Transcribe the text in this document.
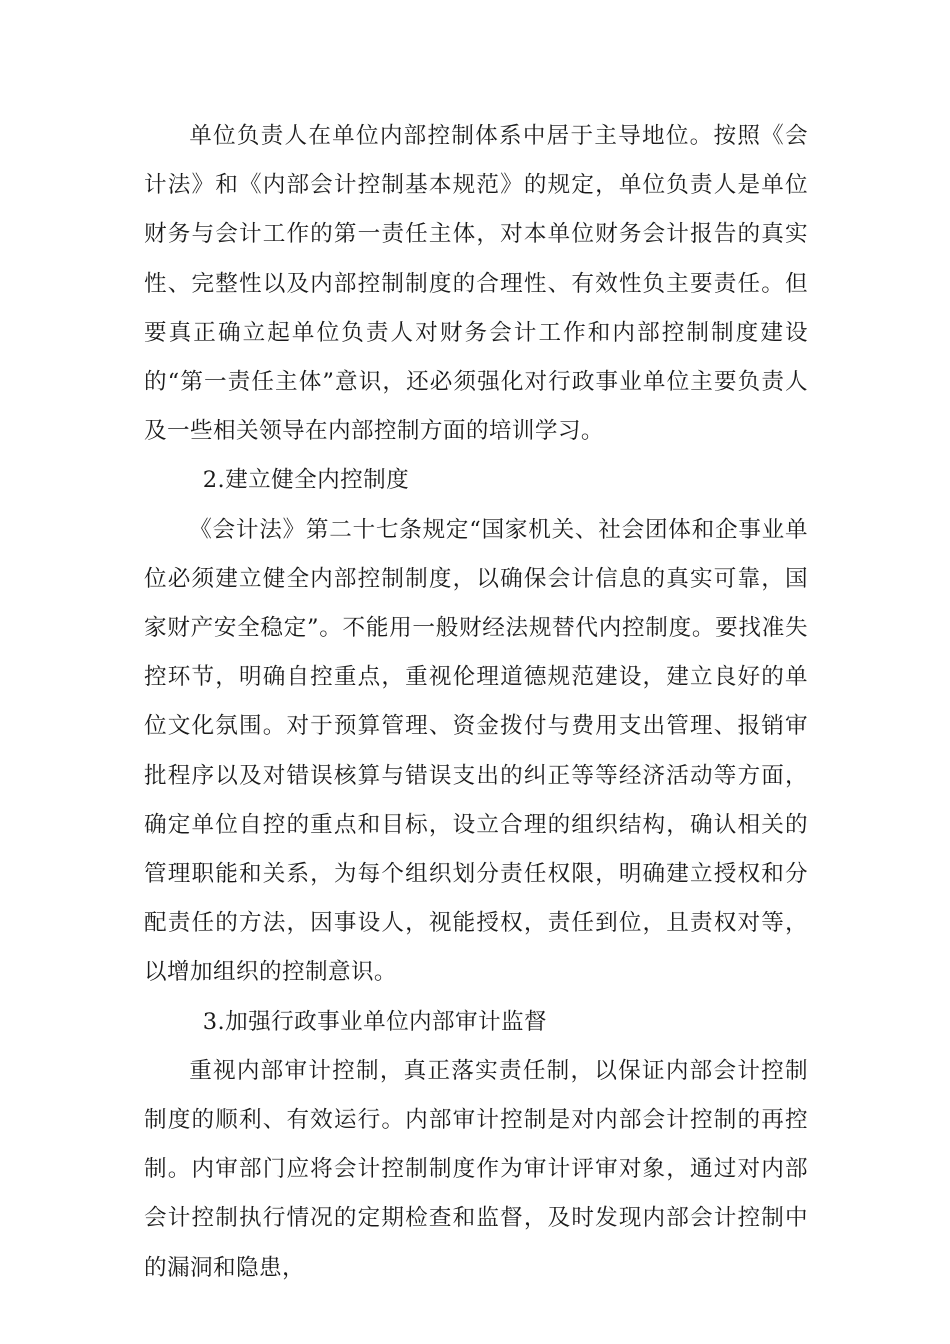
单位负责人在单位内部控制体系中居于主导地位。按照《会计法》和《内部会计控制基本规范》的规定，单位负责人是单位财务与会计工作的第一责任主体，对本单位财务会计报告的真实性、完整性以及内部控制制度的合理性、有效性负主要责任。但要真正确立起单位负责人对财务会计工作和内部控制制度建设的“第一责任主体”意识，还必须强化对行政事业单位主要负责人及一些相关领导在内部控制方面的培训学习。

2.建立健全内控制度

《会计法》第二十七条规定“国家机关、社会团体和企事业单位必须建立健全内部控制制度，以确保会计信息的真实可靠，国家财产安全稳定”。不能用一般财经法规替代内控制度。要找准失控环节，明确自控重点，重视伦理道德规范建设，建立良好的单位文化氛围。对于预算管理、资金拨付与费用支出管理、报销审批程序以及对错误核算与错误支出的纠正等等经济活动等方面，确定单位自控的重点和目标，设立合理的组织结构，确认相关的管理职能和关系，为每个组织划分责任权限，明确建立授权和分配责任的方法，因事设人，视能授权，责任到位，且责权对等，以增加组织的控制意识。

3.加强行政事业单位内部审计监督

重视内部审计控制，真正落实责任制，以保证内部会计控制制度的顺利、有效运行。内部审计控制是对内部会计控制的再控制。内审部门应将会计控制制度作为审计评审对象，通过对内部会计控制执行情况的定期检查和监督，及时发现内部会计控制中的漏洞和隐患，
